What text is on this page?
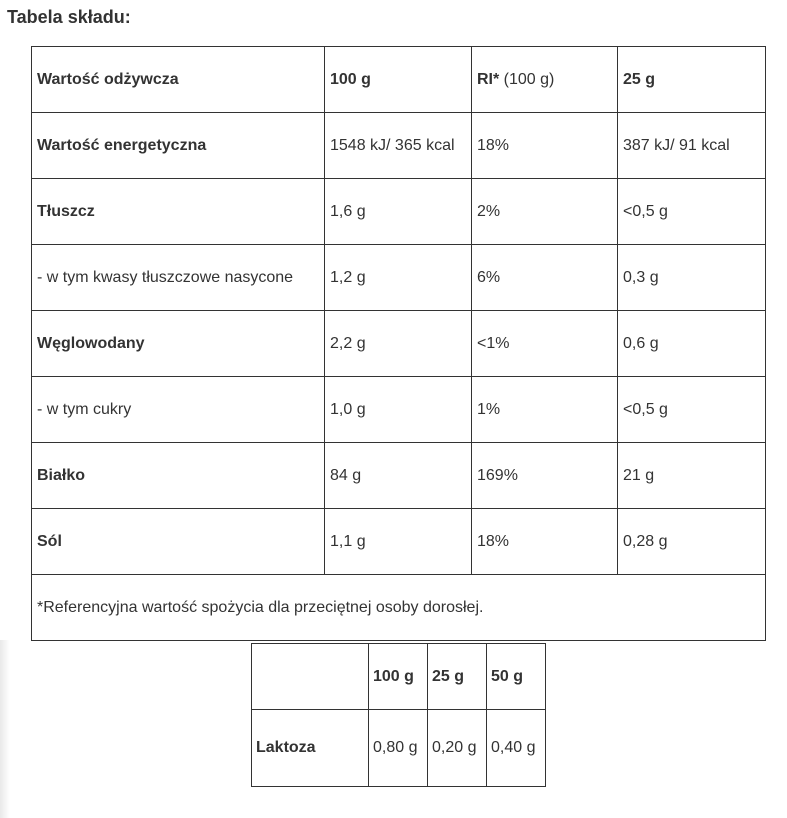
Tabela składu:
Wartość odżywcza	100 g	RI* (100 g)	25 g
Wartość energetyczna	1548 kJ/ 365 kcal	18%	387 kJ/ 91 kcal
Tłuszcz	1,6 g	2%	<0,5 g
- w tym kwasy tłuszczowe nasycone	1,2 g	6%	0,3 g
Węglowodany	2,2 g	<1%	0,6 g
- w tym cukry	1,0 g	1%	<0,5 g
Białko	84 g	169%	21 g
Sól	1,1 g	18%	0,28 g
*Referencyjna wartość spożycia dla przeciętnej osoby dorosłej.			
	100 g	25 g	50 g
Laktoza	0,80 g	0,20 g	0,40 g
